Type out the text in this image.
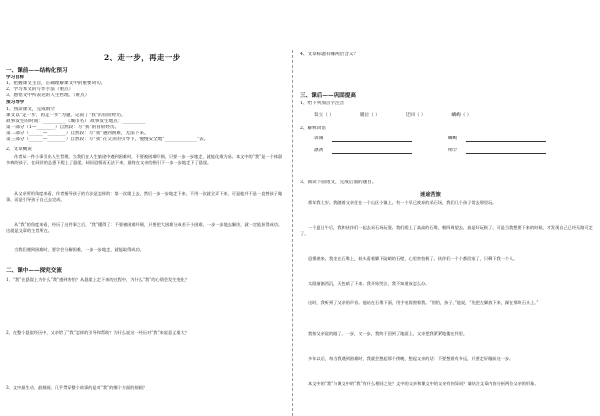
2、走一步，再走一步
一、课前——结构化预习
学习目标
1、把握课文主旨，正确理解课文中的重要词句。
2、学习本文的写作手法（重点）
3、感悟文中所表达的人生哲理。（难点）
预习导学
1、熟读课文，完成填空
课文以“走一步，再走一步”为题，记叙了“我”的冒险经历。
故事发生的时间：__________（城市名） 故事发生地点：__________
第一部分（1—________）自然段：写“我”的冒险经历。
第二部分（______—________）自然段：写“我”遇到困难，无法下来。
第三部分（______—________）自然段：写“我”在父亲的引导下，慢慢安全地“______________”去。
2、文章概说
作者从一件小事引出人生哲理。当我们在人生旅途中遇到困难时，不要被困难吓倒，只要一步一步地走，就能化难为易。本文中的“我”是一个体弱多病的孩子，在同伴的怂恿下爬上了悬崖，却因恐惧而无法下来，最终在父亲的指引下一步一步地走下了悬崖。
从父亲所用角度来看，作者指导孩子的方法是怎样的：第一次爬上去，然后一步一步地走下来，不用一次就全弄下来，可是他并不是一直替孩子做事，而是引导孩子自己去完成。
从“我”的角度来看，经历了这件事之后，“我”懂得了：不要被困难吓倒，只要把大困难分成若干小困难，一步一步地去解决，就一定能获得成功。这就是文章的主旨所在。
当我们遇到困难时，要学会分解困难，一步一步地走，就能取得成功。
二、课中——探究交流
1、“我”在悬崖上为什么“我”感到害怕？从悬崖上走下来的过程中，为什么“我”的心情会发生变化？
2、在整个悬崖经历中，父亲给了“我”怎样的引导和帮助？为什么说这一经历对“我”来说意义重大？
3、文中最生动、最刻画，几乎贯穿整个故事的是对“我”的哪个方面的刻画？
4、文章标题有哪两层含义？
三、课后——巩固提高
1、给下列加点字注音
耸立（ ）	啜泣（ ）	迂回（ ）	嶙峋（ ）
2、解释词语
训诫	嶙峋
凛冽	纳罕
3、阅读下面短文，完成后面的题目。
迷途苦旅
那年我七岁。我随着父亲住在一个山区小镇上。有一个早已废弃的采石场，我们几个孩子常去那里玩。
一个夏日午后，我和伙伴们一起去采石场玩耍。我们爬上了高高的石堆，朝四周望去，真是好玩极了。可是当我想要下来的时候，才发现自己已经无路可走了。
恐惧袭来。我坐在石堆上，低头看着脚下陡峭的石壁，心里害怕极了。伙伴们一个个都回家了，只剩下我一个人。
太阳渐渐西沉，天色暗了下来。我开始哭泣，我不知道该怎么办。
这时，我听到了父亲的声音。他站在石堆下面，用手电筒照着我。“别怕，孩子，”他说，“先把左脚放下来，踩在那块石头上。”
我按父亲说的做了。一步，又一步，我终于回到了地面上。父亲把我紧紧地搂在怀里。
多年以后，每当我遇到困难时，我就会想起那个傍晚，想起父亲的话：不要想着有多远，只要走好眼前这一步。
本文中的“我”与课文中的“我”有什么相同之处？文中的父亲和课文中的父亲有何异同？请结合文章内容分析两位父亲的形象。
